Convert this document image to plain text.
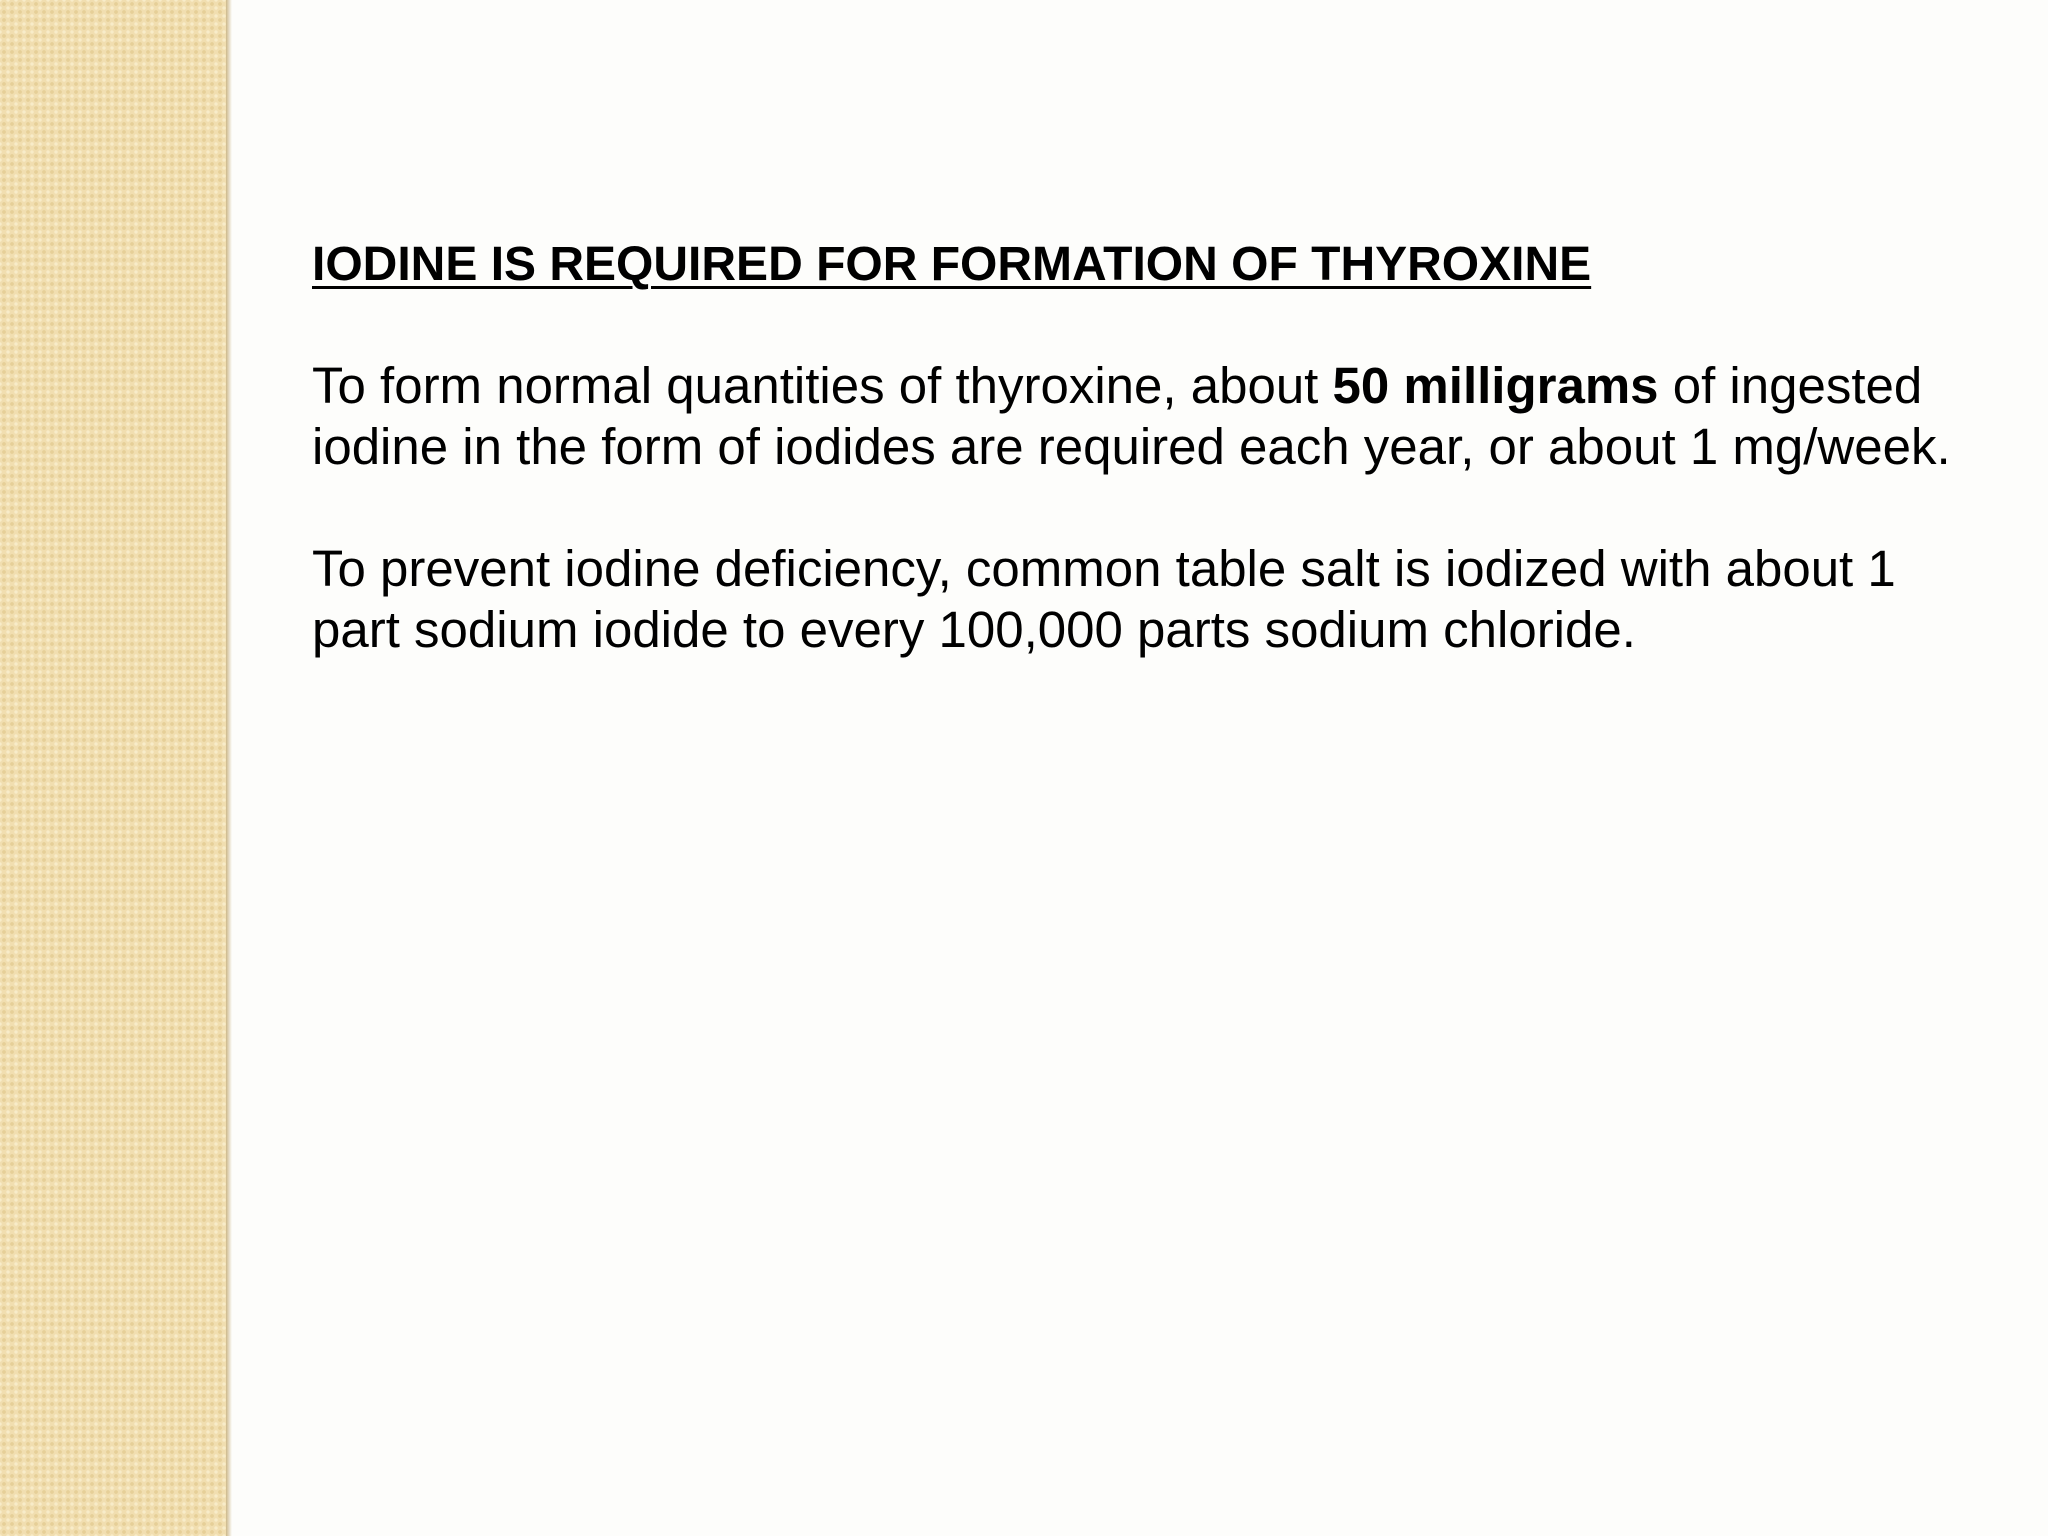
IODINE IS REQUIRED FOR FORMATION OF THYROXINE

To form normal quantities of thyroxine, about 50 milligrams of ingested iodine in the form of iodides are required each year, or about 1 mg/week.

To prevent iodine deficiency, common table salt is iodized with about 1 part sodium iodide to every 100,000 parts sodium chloride.
